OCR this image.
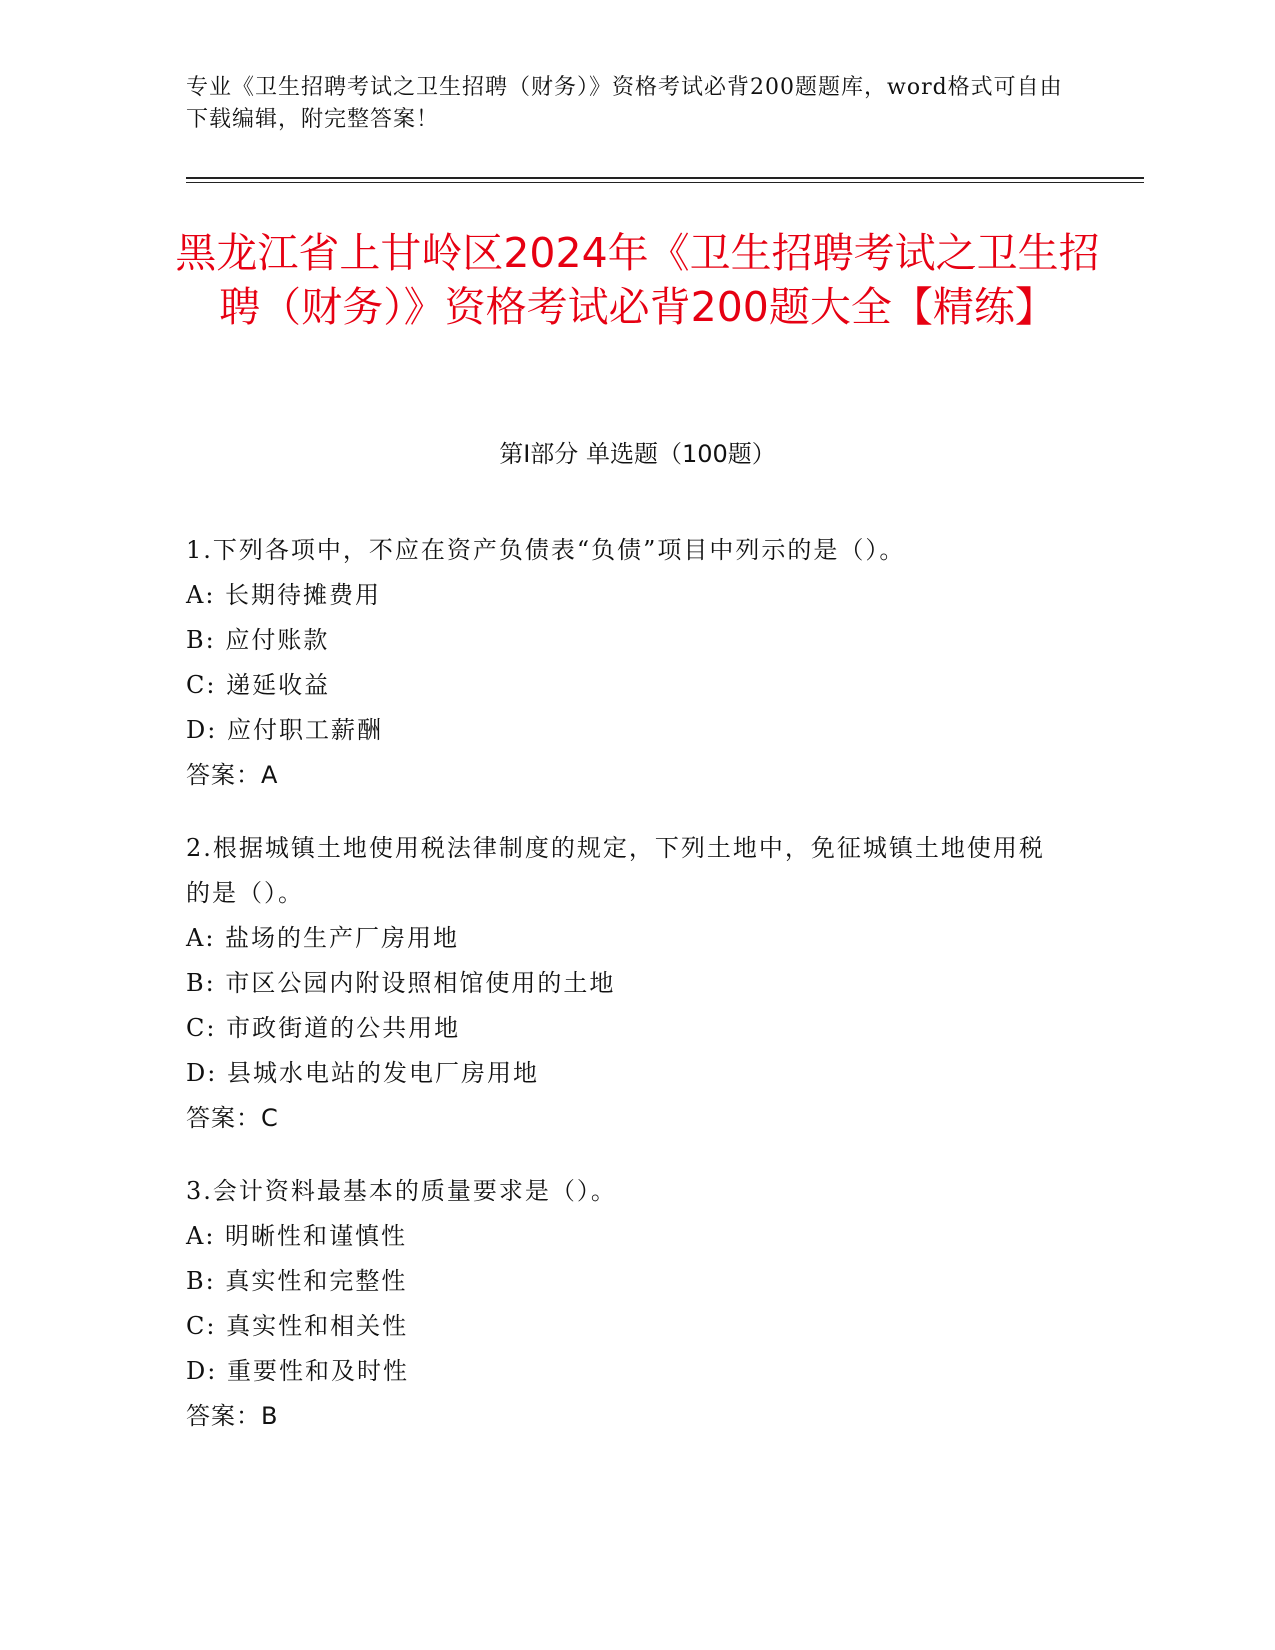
专业《卫生招聘考试之卫生招聘（财务）》资格考试必背200题题库，word格式可自由下载编辑，附完整答案！
黑龙江省上甘岭区2024年《卫生招聘考试之卫生招聘（财务）》资格考试必背200题大全【精练】
第Ⅰ部分 单选题（100题）
1.下列各项中，不应在资产负债表“负债”项目中列示的是（）。
A: 长期待摊费用
B: 应付账款
C: 递延收益
D: 应付职工薪酬
答案：A
2.根据城镇土地使用税法律制度的规定，下列土地中，免征城镇土地使用税的是（）。
A: 盐场的生产厂房用地
B: 市区公园内附设照相馆使用的土地
C: 市政街道的公共用地
D: 县城水电站的发电厂房用地
答案：C
3.会计资料最基本的质量要求是（）。
A: 明晰性和谨慎性
B: 真实性和完整性
C: 真实性和相关性
D: 重要性和及时性
答案：B
